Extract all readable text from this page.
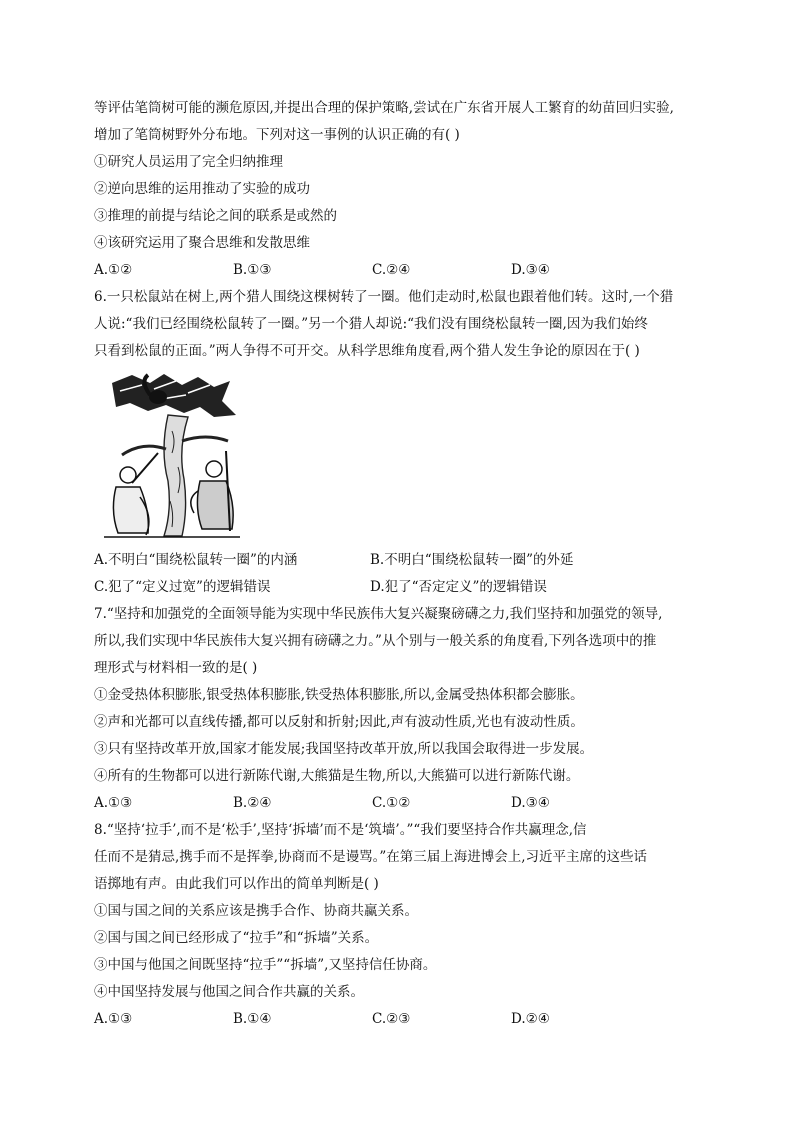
等评估笔筒树可能的濒危原因,并提出合理的保护策略,尝试在广东省开展人工繁育的幼苗回归实验,
增加了笔筒树野外分布地。下列对这一事例的认识正确的有( )
①研究人员运用了完全归纳推理
②逆向思维的运用推动了实验的成功
③推理的前提与结论之间的联系是或然的
④该研究运用了聚合思维和发散思维
A.①②	B.①③	C.②④	D.③④
6.一只松鼠站在树上,两个猎人围绕这棵树转了一圈。他们走动时,松鼠也跟着他们转。这时,一个猎
人说:“我们已经围绕松鼠转了一圈。”另一个猎人却说:“我们没有围绕松鼠转一圈,因为我们始终
只看到松鼠的正面。”两人争得不可开交。从科学思维角度看,两个猎人发生争论的原因在于( )
A.不明白“围绕松鼠转一圈”的内涵	B.不明白“围绕松鼠转一圈”的外延
C.犯了“定义过宽”的逻辑错误	D.犯了“否定定义”的逻辑错误
7.“坚持和加强党的全面领导能为实现中华民族伟大复兴凝聚磅礴之力,我们坚持和加强党的领导,
所以,我们实现中华民族伟大复兴拥有磅礴之力。”从个别与一般关系的角度看,下列各选项中的推
理形式与材料相一致的是( )
①金受热体积膨胀,银受热体积膨胀,铁受热体积膨胀,所以,金属受热体积都会膨胀。
②声和光都可以直线传播,都可以反射和折射;因此,声有波动性质,光也有波动性质。
③只有坚持改革开放,国家才能发展;我国坚持改革开放,所以我国会取得进一步发展。
④所有的生物都可以进行新陈代谢,大熊猫是生物,所以,大熊猫可以进行新陈代谢。
A.①③	B.②④	C.①②	D.③④
8.“坚持‘拉手’,而不是‘松手’,坚持‘拆墙’而不是‘筑墙’。”“我们要坚持合作共赢理念,信
任而不是猜忌,携手而不是挥拳,协商而不是谩骂。”在第三届上海进博会上,习近平主席的这些话
语掷地有声。由此我们可以作出的简单判断是( )
①国与国之间的关系应该是携手合作、协商共赢关系。
②国与国之间已经形成了“拉手”和“拆墙”关系。
③中国与他国之间既坚持“拉手”“拆墙”,又坚持信任协商。
④中国坚持发展与他国之间合作共赢的关系。
A.①③	B.①④	C.②③	D.②④
